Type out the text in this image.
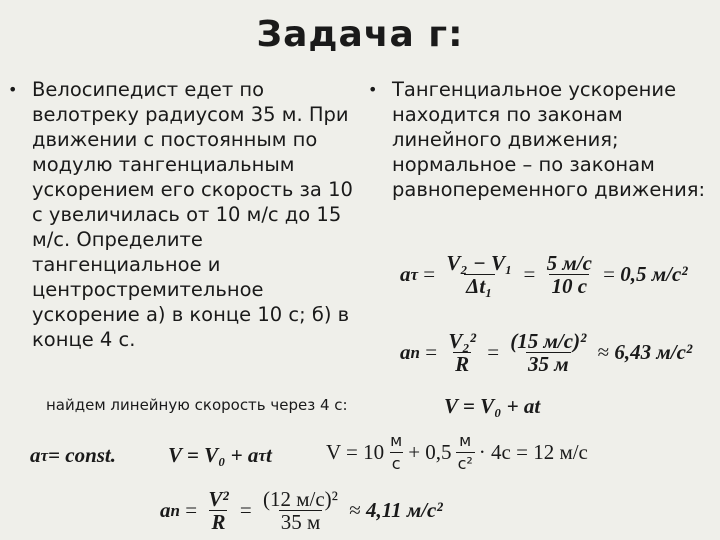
Задача г:
• Велосипедист едет по велотреку радиусом 35 м. При движении с постоянным по модулю тангенциальным ускорением его скорость за 10 с увеличилась от 10 м/с до 15 м/с. Определите тангенциальное и центростремительное ускорение а) в конце 10 с; б) в конце 4 с.
• Тангенциальное ускорение находится по законам линейного движения; нормальное – по законам равнопеременного движения:
a $\tau = \frac{\text{V₂ − V₁}}{\text{Δt₁}} = \frac{5 м/с}{10 с} = 0,5$ м/с²
a $n = \frac{\text{V₂²}}{R} = \frac{\text{(15 м/с)²}}{35 м} \approx 6,43$ м/с²
найдем линейную скорость через 4 с:	V = V₀ + at
a τ = const. V = V₀ + a τ t	$V = 10 \frac{м}{с} + 0,5 \frac{м}{\text{с²}} \cdot 4с = 12$ м/с
a $n = \frac{\text{V²}}{R} = \frac{\text{(12 м/с)²}}{35 м} \approx 4,11$ м/с²
